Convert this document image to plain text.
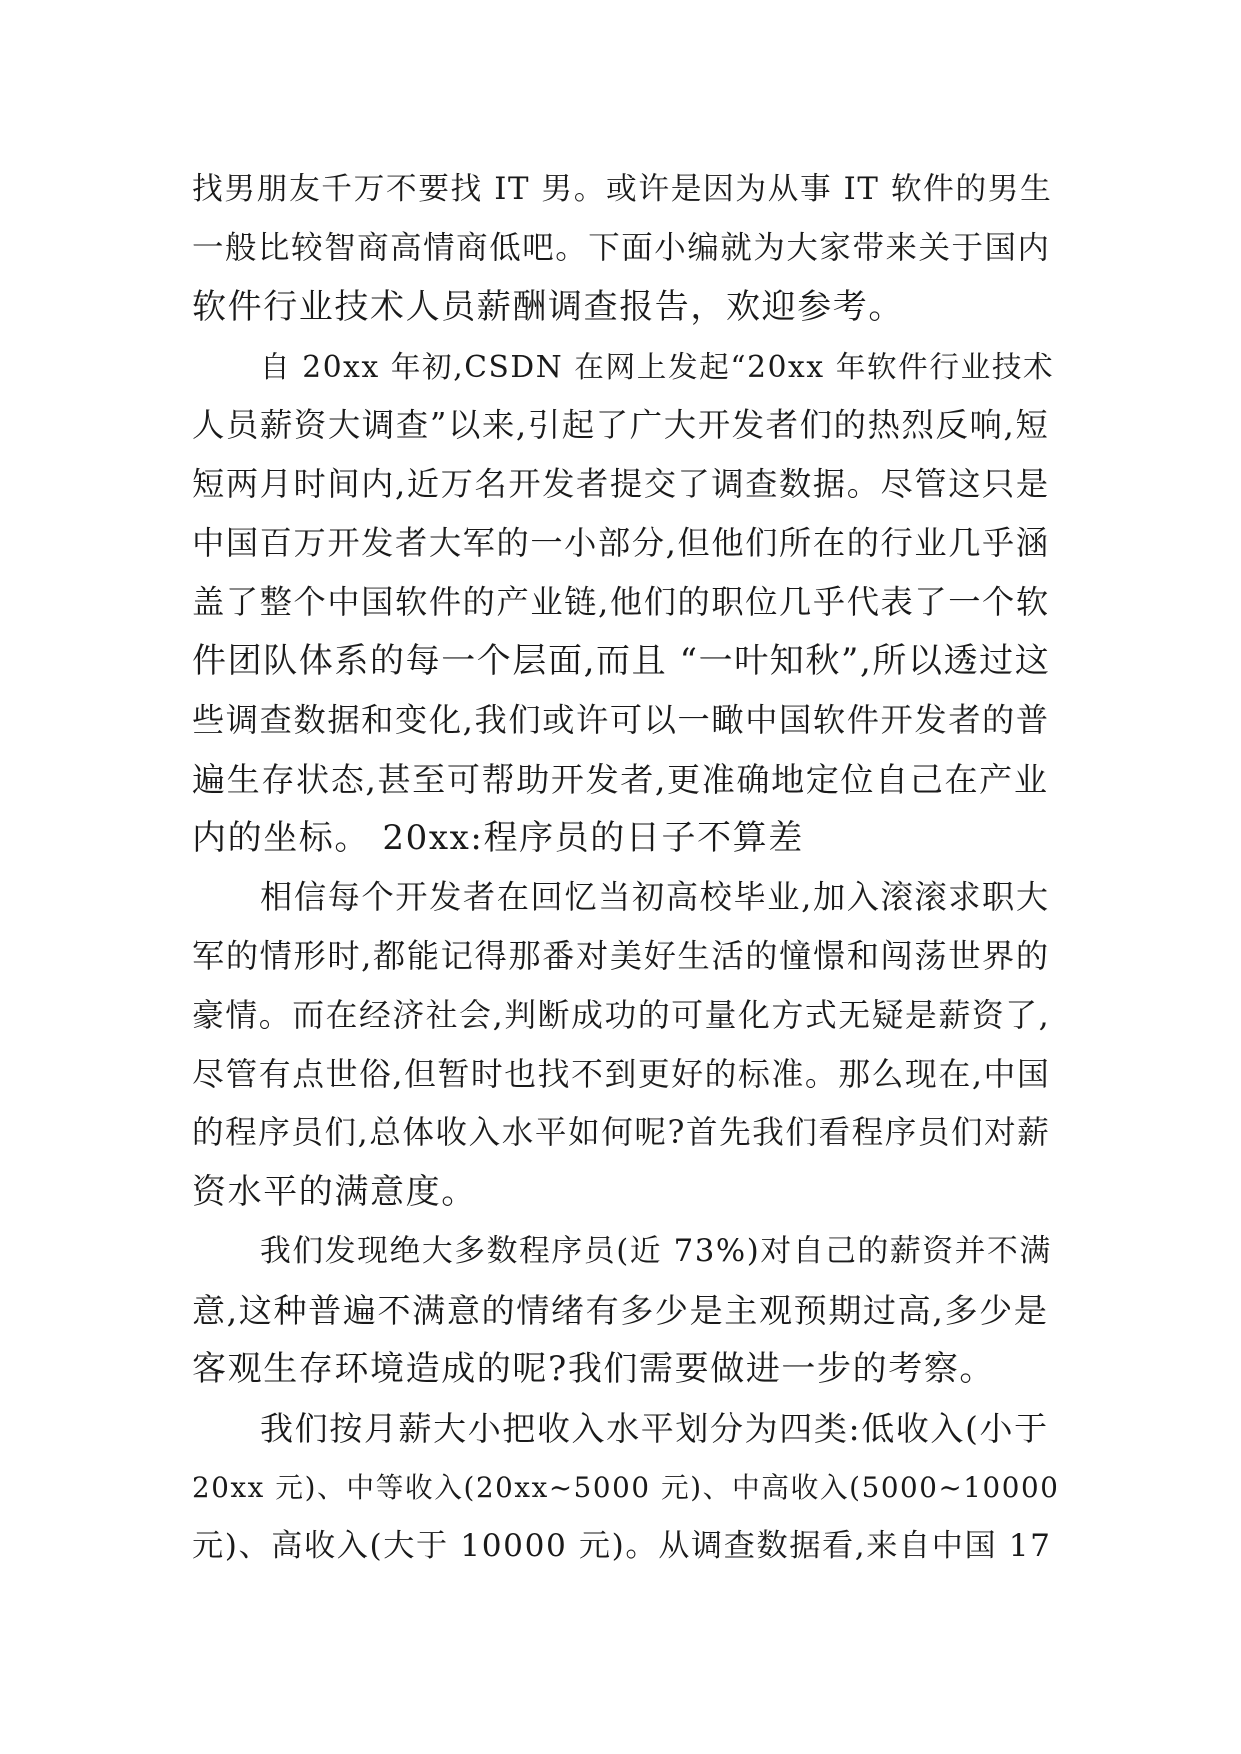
找男朋友千万不要找 IT 男。或许是因为从事 IT 软件的男生
一般比较智商高情商低吧。下面小编就为大家带来关于国内
软件行业技术人员薪酬调查报告，欢迎参考。

自 20xx 年初,CSDN 在网上发起“20xx 年软件行业技术
人员薪资大调查”以来,引起了广大开发者们的热烈反响,短
短两月时间内,近万名开发者提交了调查数据。尽管这只是
中国百万开发者大军的一小部分,但他们所在的行业几乎涵
盖了整个中国软件的产业链,他们的职位几乎代表了一个软
件团队体系的每一个层面,而且 “一叶知秋”,所以透过这
些调查数据和变化,我们或许可以一瞰中国软件开发者的普
遍生存状态,甚至可帮助开发者,更准确地定位自己在产业
内的坐标。 20xx:程序员的日子不算差

相信每个开发者在回忆当初高校毕业,加入滚滚求职大
军的情形时,都能记得那番对美好生活的憧憬和闯荡世界的
豪情。而在经济社会,判断成功的可量化方式无疑是薪资了,
尽管有点世俗,但暂时也找不到更好的标准。那么现在,中国
的程序员们,总体收入水平如何呢?首先我们看程序员们对薪
资水平的满意度。

我们发现绝大多数程序员(近 73%)对自己的薪资并不满
意,这种普遍不满意的情绪有多少是主观预期过高,多少是
客观生存环境造成的呢?我们需要做进一步的考察。

我们按月薪大小把收入水平划分为四类:低收入(小于
20xx 元)、中等收入(20xx~5000 元)、中高收入(5000~10000
元)、高收入(大于 10000 元)。从调查数据看,来自中国 17
